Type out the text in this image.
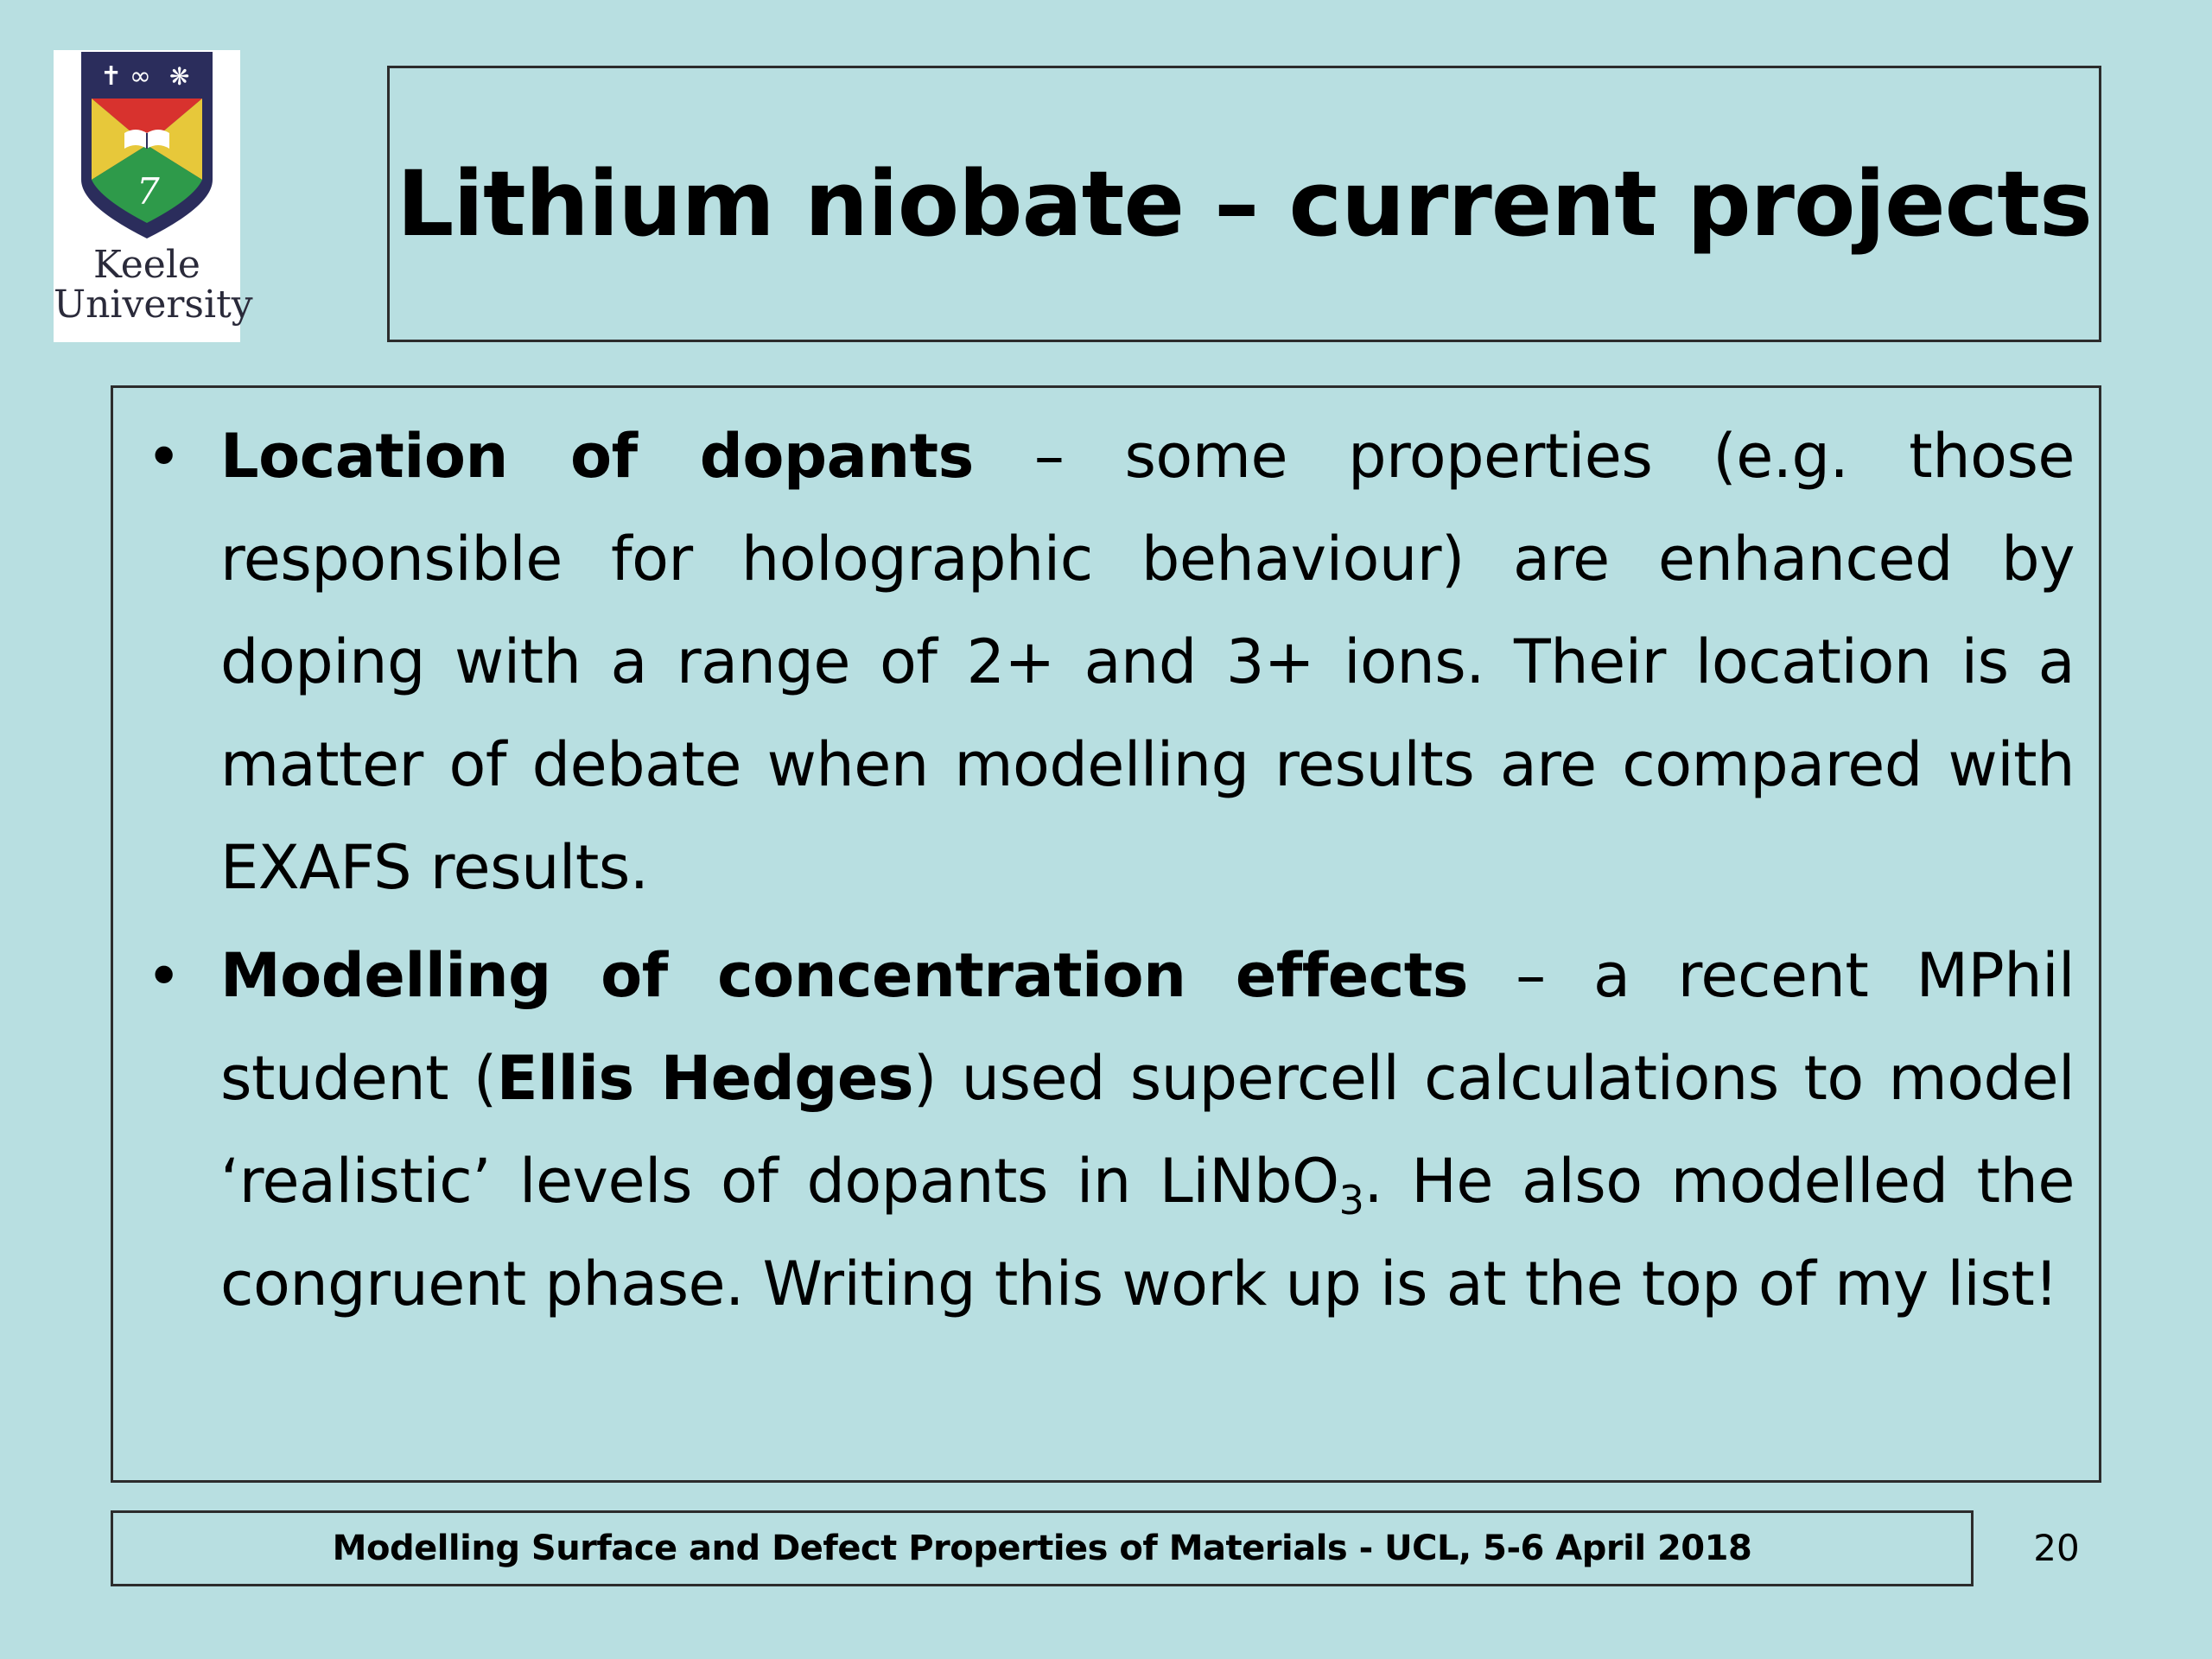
✝ ∞ ❋
7
Keele
University
Lithium niobate – current projects
• Location of dopants – some properties (e.g. those responsible for holographic behaviour) are enhanced by doping with a range of 2+ and 3+ ions. Their location is a matter of debate when modelling results are compared with EXAFS results.
• Modelling of concentration effects – a recent MPhil student (Ellis Hedges) used supercell calculations to model ‘realistic’ levels of dopants in LiNbO$_3$. He also modelled the congruent phase. Writing this work up is at the top of my list!
Modelling Surface and Defect Properties of Materials - UCL, 5-6 April 2018	20
